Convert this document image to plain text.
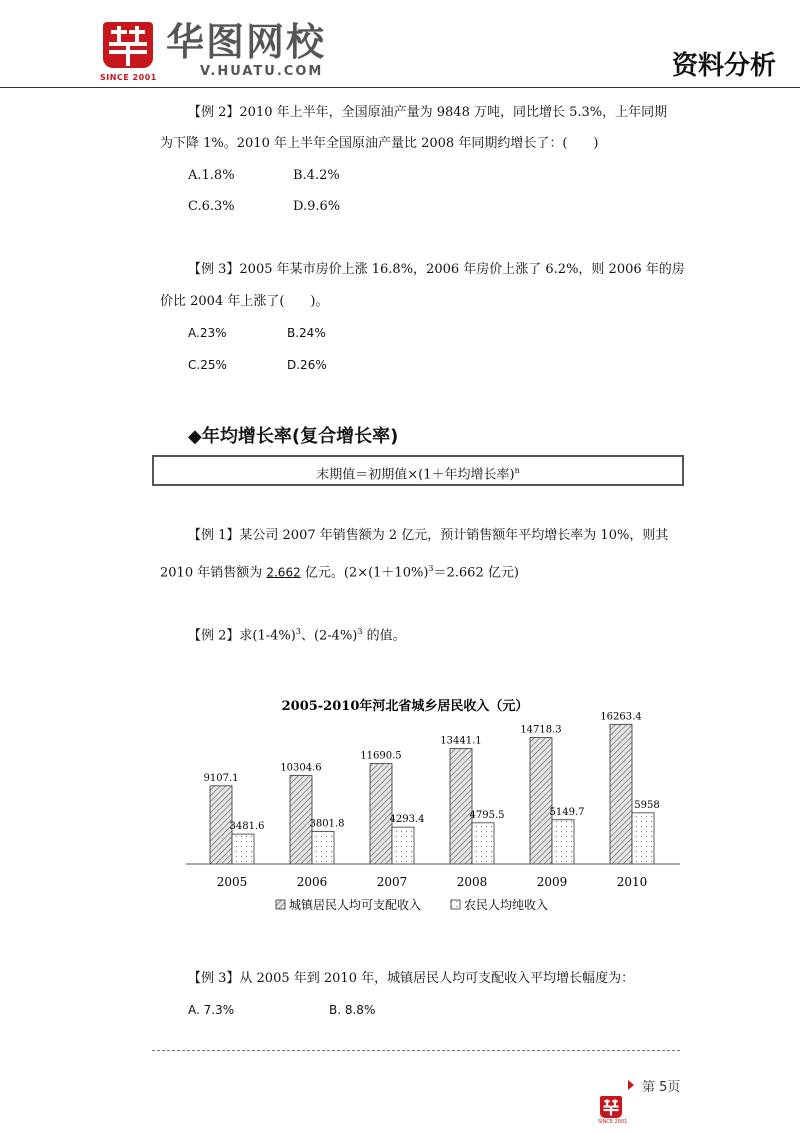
SINCE 2001
华图网校
V.HUATU.COM	资料分析
【例 2】2010 年上半年，全国原油产量为 9848 万吨，同比增长 5.3%，上年同期
为下降 1%。2010 年上半年全国原油产量比 2008 年同期约增长了：(　　)
A.1.8%	B.4.2%
C.6.3%	D.9.6%
【例 3】2005 年某市房价上涨 16.8%，2006 年房价上涨了 6.2%，则 2006 年的房
价比 2004 年上涨了(　　)。
A.23%	B.24%
C.25%	D.26%
◆年均增长率(复合增长率)
末期值＝初期值×(1＋年均增长率)$^n$
【例 1】某公司 2007 年销售额为 2 亿元，预计销售额年平均增长率为 10%，则其
2010 年销售额为 2.662 亿元。($2\times(1+10\%)^3=2.662$ 亿元)
【例 2】求$(1-4\%)^3$、$(2-4\%)^3$ 的值。
2005-2010年河北省城乡居民收入（元）
9107.1
3481.6
2005
10304.6
3801.8
2006
11690.5
4293.4
2007
13441.1
4795.5
2008
14718.3
5149.7
2009
16263.4
5958
2010
城镇居民人均可支配收入	农民人均纯收入
【例 3】从 2005 年到 2010 年，城镇居民人均可支配收入平均增长幅度为：
A. 7.3%	B. 8.8%
第 5页
SINCE 2001
